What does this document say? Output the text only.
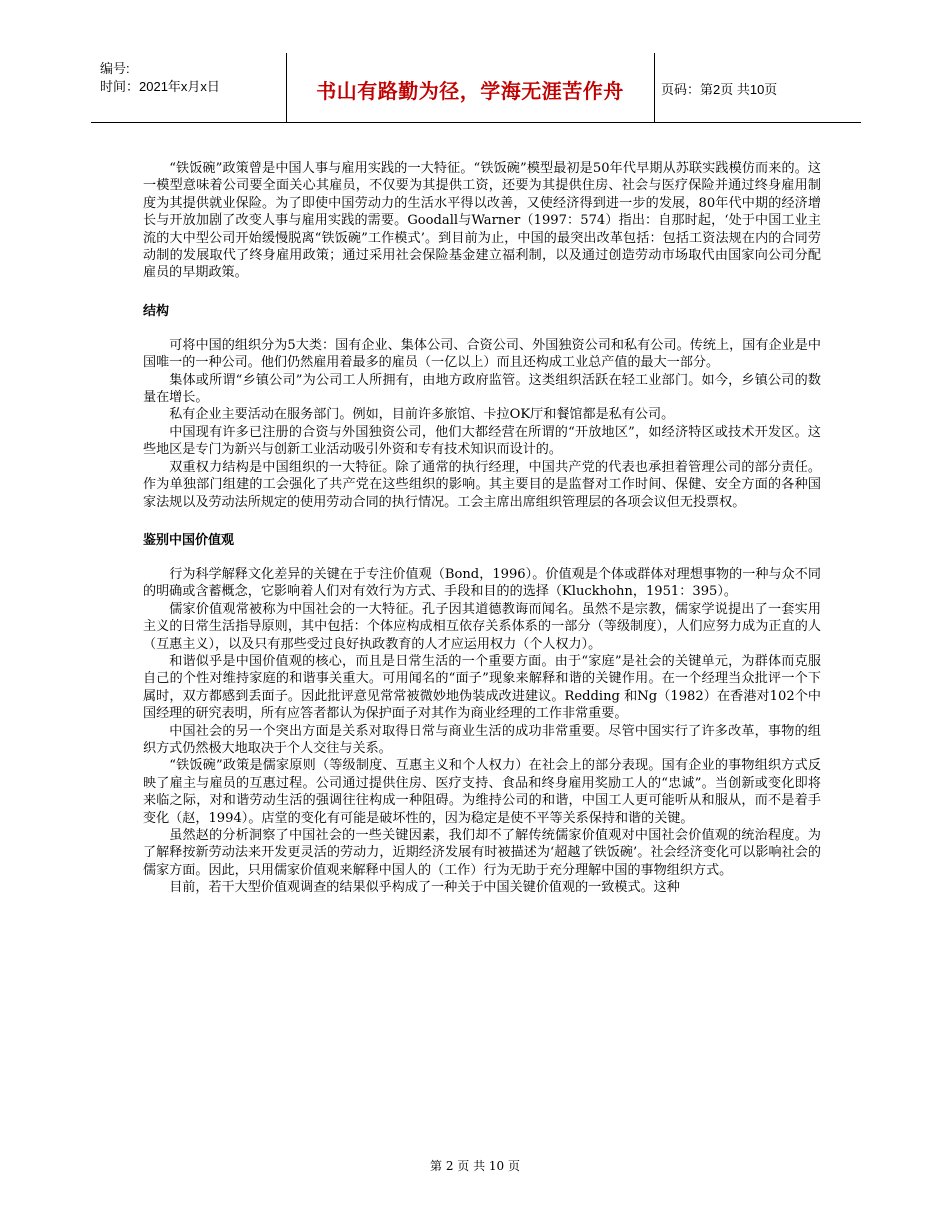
编号:
时间：2021年x月x日	书山有路勤为径，学海无涯苦作舟	页码：第2页 共10页

“铁饭碗”政策曾是中国人事与雇用实践的一大特征。“铁饭碗”模型最初是50年代早期从苏联实践模仿而来的。这一模型意味着公司要全面关心其雇员，不仅要为其提供工资，还要为其提供住房、社会与医疗保险并通过终身雇用制度为其提供就业保险。为了即使中国劳动力的生活水平得以改善，又使经济得到进一步的发展，80年代中期的经济增长与开放加剧了改变人事与雇用实践的需要。Goodall与Warner（1997：574）指出：自那时起，‘处于中国工业主流的大中型公司开始缓慢脱离“铁饭碗”工作模式’。到目前为止，中国的最突出改革包括：包括工资法规在内的合同劳动制的发展取代了终身雇用政策；通过采用社会保险基金建立福利制，以及通过创造劳动市场取代由国家向公司分配雇员的早期政策。

结构

可将中国的组织分为5大类：国有企业、集体公司、合资公司、外国独资公司和私有公司。传统上，国有企业是中国唯一的一种公司。他们仍然雇用着最多的雇员（一亿以上）而且还构成工业总产值的最大一部分。

集体或所谓“乡镇公司”为公司工人所拥有，由地方政府监管。这类组织活跃在轻工业部门。如今，乡镇公司的数量在增长。

私有企业主要活动在服务部门。例如，目前许多旅馆、卡拉OK厅和餐馆都是私有公司。

中国现有许多已注册的合资与外国独资公司，他们大都经营在所谓的“开放地区”，如经济特区或技术开发区。这些地区是专门为新兴与创新工业活动吸引外资和专有技术知识而设计的。

双重权力结构是中国组织的一大特征。除了通常的执行经理，中国共产党的代表也承担着管理公司的部分责任。作为单独部门组建的工会强化了共产党在这些组织的影响。其主要目的是监督对工作时间、保健、安全方面的各种国家法规以及劳动法所规定的使用劳动合同的执行情况。工会主席出席组织管理层的各项会议但无投票权。

鉴别中国价值观

行为科学解释文化差异的关键在于专注价值观（Bond，1996）。价值观是个体或群体对理想事物的一种与众不同的明确或含蓄概念，它影响着人们对有效行为方式、手段和目的的选择（Kluckhohn，1951：395）。

儒家价值观常被称为中国社会的一大特征。孔子因其道德教诲而闻名。虽然不是宗教，儒家学说提出了一套实用主义的日常生活指导原则，其中包括：个体应构成相互依存关系体系的一部分（等级制度），人们应努力成为正直的人（互惠主义），以及只有那些受过良好执政教育的人才应运用权力（个人权力）。

和谐似乎是中国价值观的核心，而且是日常生活的一个重要方面。由于“家庭”是社会的关键单元，为群体而克服自己的个性对维持家庭的和谐事关重大。可用闻名的“面子”现象来解释和谐的关键作用。在一个经理当众批评一个下属时，双方都感到丢面子。因此批评意见常常被微妙地伪装成改进建议。Redding 和Ng（1982）在香港对102个中国经理的研究表明，所有应答者都认为保护面子对其作为商业经理的工作非常重要。

中国社会的另一个突出方面是关系对取得日常与商业生活的成功非常重要。尽管中国实行了许多改革，事物的组织方式仍然极大地取决于个人交往与关系。

“铁饭碗”政策是儒家原则（等级制度、互惠主义和个人权力）在社会上的部分表现。国有企业的事物组织方式反映了雇主与雇员的互惠过程。公司通过提供住房、医疗支持、食品和终身雇用奖励工人的“忠诚”。当创新或变化即将来临之际，对和谐劳动生活的强调往往构成一种阻碍。为维持公司的和谐，中国工人更可能听从和服从，而不是着手变化（赵，1994）。店堂的变化有可能是破坏性的，因为稳定是使不平等关系保持和谐的关键。

虽然赵的分析洞察了中国社会的一些关键因素，我们却不了解传统儒家价值观对中国社会价值观的统治程度。为了解释按新劳动法来开发更灵活的劳动力，近期经济发展有时被描述为‘超越了铁饭碗’。社会经济变化可以影响社会的儒家方面。因此，只用儒家价值观来解释中国人的（工作）行为无助于充分理解中国的事物组织方式。

目前，若干大型价值观调查的结果似乎构成了一种关于中国关键价值观的一致模式。这种

第 2 页 共 10 页
